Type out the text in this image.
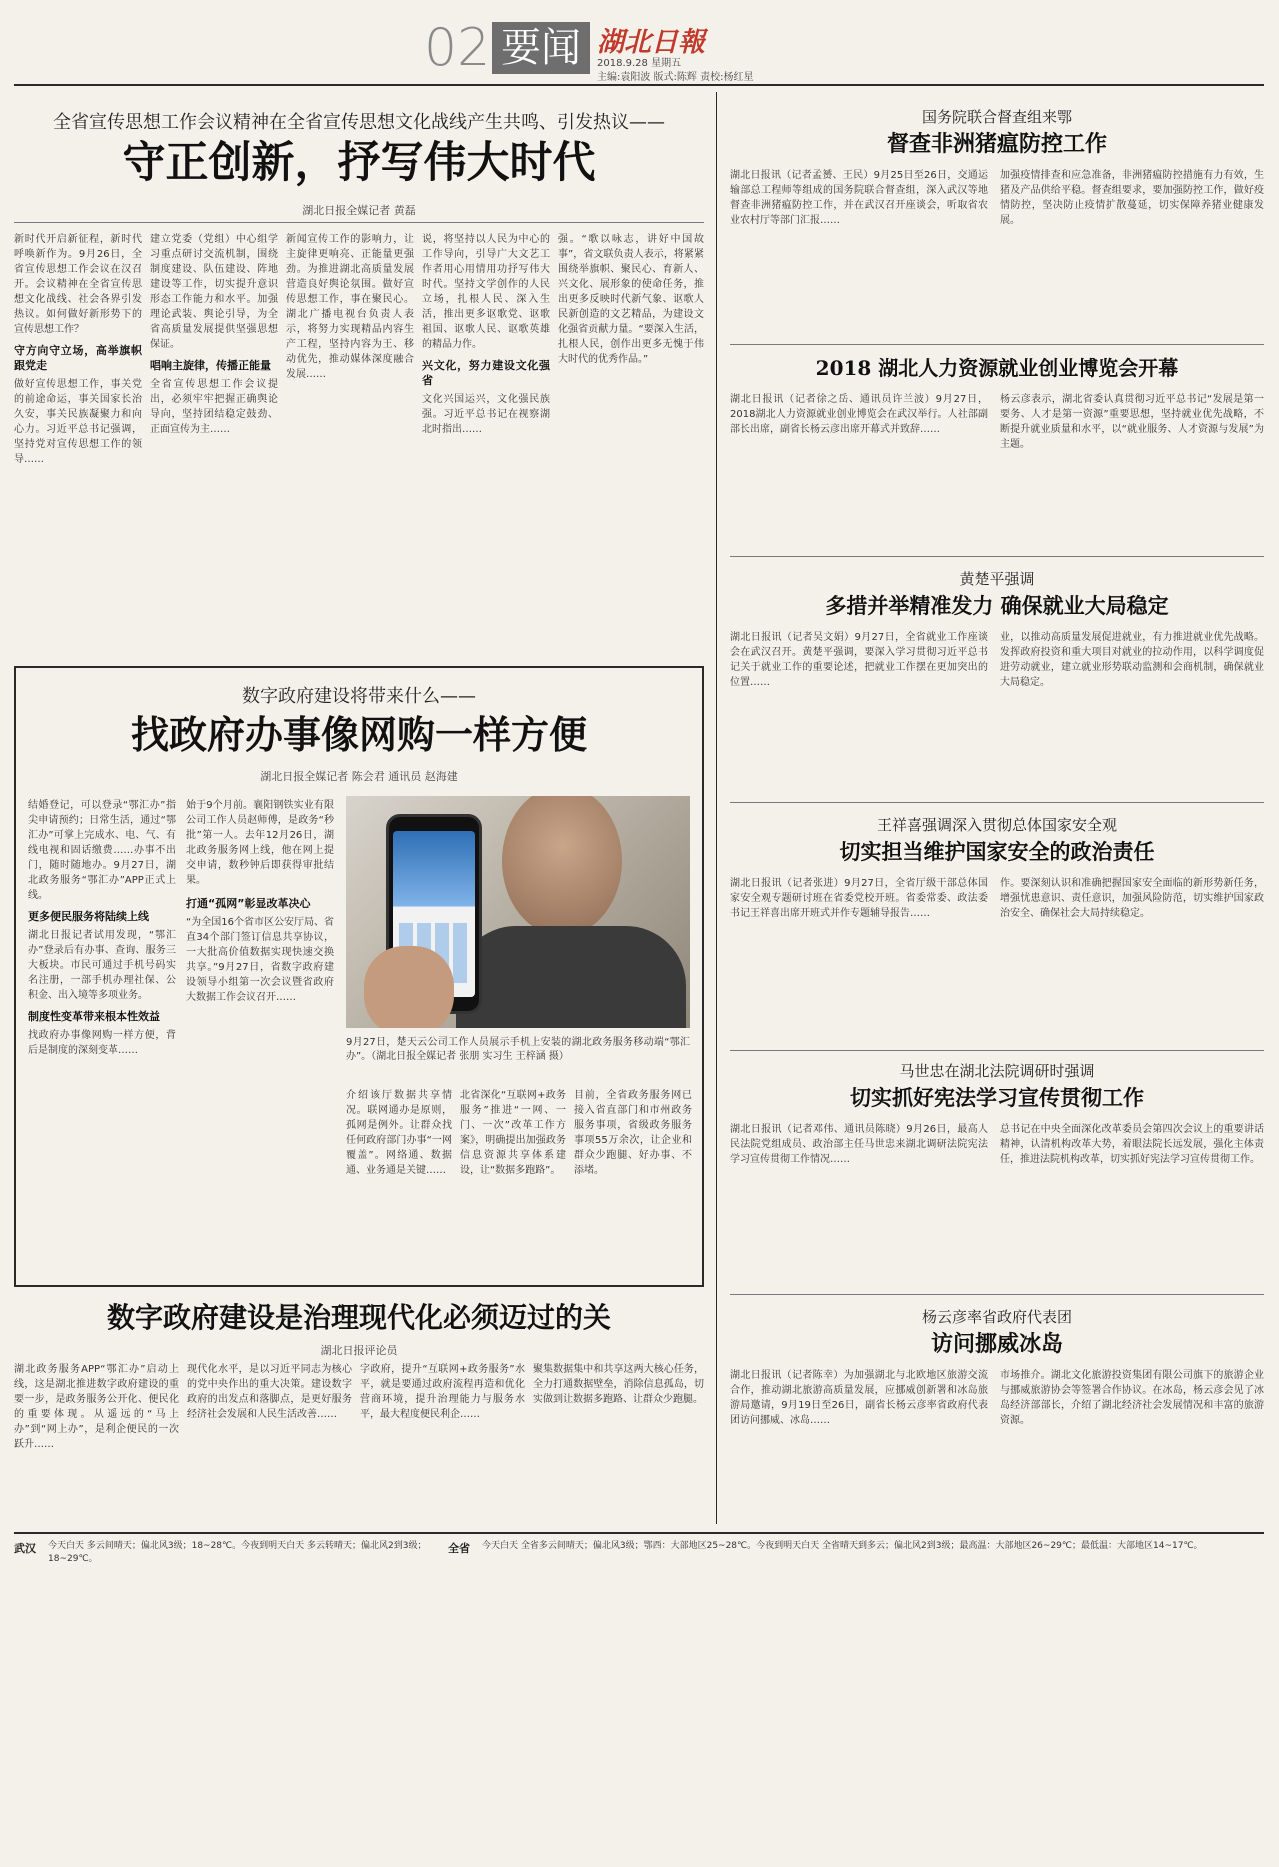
02 要闻 湖北日報
2018.9.28 星期五
主编:袁阳波 版式:陈辉 责校:杨红星
全省宣传思想工作会议精神在全省宣传思想文化战线产生共鸣、引发热议——
守正创新，抒写伟大时代
湖北日报全媒记者 黄磊
新时代开启新征程，新时代呼唤新作为。9月26日，全省宣传思想工作会议在汉召开。会议精神在全省宣传思想文化战线、社会各界引发热议。如何做好新形势下的宣传思想工作？
守方向守立场，高举旗帜跟党走
做好宣传思想工作，事关党的前途命运，事关国家长治久安，事关民族凝聚力和向心力。习近平总书记强调，坚持党对宣传思想工作的领导……
建立党委（党组）中心组学习重点研讨交流机制，围绕制度建设、队伍建设、阵地建设等工作，切实提升意识形态工作能力和水平。加强理论武装、舆论引导，为全省高质量发展提供坚强思想保证。
唱响主旋律，传播正能量
全省宣传思想工作会议提出，必须牢牢把握正确舆论导向，坚持团结稳定鼓劲、正面宣传为主……
新闻宣传工作的影响力，让主旋律更响亮、正能量更强劲。为推进湖北高质量发展营造良好舆论氛围。做好宣传思想工作，事在聚民心。湖北广播电视台负责人表示，将努力实现精品内容生产工程，坚持内容为王、移动优先，推动媒体深度融合发展……
说，将坚持以人民为中心的工作导向，引导广大文艺工作者用心用情用功抒写伟大时代。坚持文学创作的人民立场，扎根人民、深入生活，推出更多讴歌党、讴歌祖国、讴歌人民、讴歌英雄的精品力作。
兴文化，努力建设文化强省
文化兴国运兴，文化强民族强。习近平总书记在视察湖北时指出……
强。“歌以咏志，讲好中国故事”，省文联负责人表示，将紧紧围绕举旗帜、聚民心、育新人、兴文化、展形象的使命任务，推出更多反映时代新气象、讴歌人民新创造的文艺精品，为建设文化强省贡献力量。“要深入生活，扎根人民，创作出更多无愧于伟大时代的优秀作品。”
数字政府建设将带来什么——
找政府办事像网购一样方便
湖北日报全媒记者 陈会君 通讯员 赵海建
结婚登记，可以登录“鄂汇办”指尖申请预约；日常生活，通过“鄂汇办”可掌上完成水、电、气、有线电视和固话缴费……办事不出门，随时随地办。9月27日，湖北政务服务“鄂汇办”APP正式上线。
更多便民服务将陆续上线
湖北日报记者试用发现，“鄂汇办”登录后有办事、查询、服务三大板块。市民可通过手机号码实名注册，一部手机办理社保、公积金、出入境等多项业务。
制度性变革带来根本性效益
找政府办事像网购一样方便，背后是制度的深刻变革……
始于9个月前。襄阳钢铁实业有限公司工作人员赵师傅，是政务“秒批”第一人。去年12月26日，湖北政务服务网上线，他在网上提交申请，数秒钟后即获得审批结果。
打通“孤网”彰显改革决心
“为全国16个省市区公安厅局、省直34个部门签订信息共享协议，一大批高价值数据实现快速交换共享。”9月27日，省数字政府建设领导小组第一次会议暨省政府大数据工作会议召开……
9月27日，楚天云公司工作人员展示手机上安装的湖北政务服务移动端“鄂汇办”。（湖北日报全媒记者 张朋 实习生 王梓涵 摄）
介绍该厅数据共享情况。联网通办是原则，孤网是例外。让群众找任何政府部门办事“一网覆盖”。网络通、数据通、业务通是关键……
北省深化“互联网+政务服务”推进“一网、一门、一次”改革工作方案》，明确提出加强政务信息资源共享体系建设，让“数据多跑路”。
目前，全省政务服务网已接入省直部门和市州政务服务事项，省级政务服务事项55万余次，让企业和群众少跑腿、好办事、不添堵。
数字政府建设是治理现代化必须迈过的关
湖北日报评论员
湖北政务服务APP“鄂汇办”启动上线，这是湖北推进数字政府建设的重要一步，是政务服务公开化、便民化的重要体现。从遥远的“马上办”到“网上办”，是利企便民的一次跃升……
现代化水平，是以习近平同志为核心的党中央作出的重大决策。建设数字政府的出发点和落脚点，是更好服务经济社会发展和人民生活改善……
字政府，提升“互联网+政务服务”水平，就是要通过政府流程再造和优化营商环境，提升治理能力与服务水平，最大程度便民利企……
聚集数据集中和共享这两大核心任务，全力打通数据壁垒，消除信息孤岛，切实做到让数据多跑路、让群众少跑腿。
国务院联合督查组来鄂
督查非洲猪瘟防控工作
湖北日报讯（记者孟赟、王民）9月25日至26日，交通运输部总工程师等组成的国务院联合督查组，深入武汉等地督查非洲猪瘟防控工作，并在武汉召开座谈会，听取省农业农村厅等部门汇报……
加强疫情排查和应急准备，非洲猪瘟防控措施有力有效，生猪及产品供给平稳。督查组要求，要加强防控工作，做好疫情防控，坚决防止疫情扩散蔓延，切实保障养猪业健康发展。
2018 湖北人力资源就业创业博览会开幕
湖北日报讯（记者徐之岳、通讯员许兰波）9月27日，2018湖北人力资源就业创业博览会在武汉举行。人社部副部长出席，副省长杨云彦出席开幕式并致辞……
杨云彦表示，湖北省委认真贯彻习近平总书记“发展是第一要务、人才是第一资源”重要思想，坚持就业优先战略，不断提升就业质量和水平，以“就业服务、人才资源与发展”为主题。
黄楚平强调
多措并举精准发力 确保就业大局稳定
湖北日报讯（记者吴文娟）9月27日，全省就业工作座谈会在武汉召开。黄楚平强调，要深入学习贯彻习近平总书记关于就业工作的重要论述，把就业工作摆在更加突出的位置……
业，以推动高质量发展促进就业，有力推进就业优先战略。发挥政府投资和重大项目对就业的拉动作用，以科学调度促进劳动就业，建立就业形势联动监测和会商机制，确保就业大局稳定。
王祥喜强调深入贯彻总体国家安全观
切实担当维护国家安全的政治责任
湖北日报讯（记者张进）9月27日，全省厅级干部总体国家安全观专题研讨班在省委党校开班。省委常委、政法委书记王祥喜出席开班式并作专题辅导报告……
作。要深刻认识和准确把握国家安全面临的新形势新任务，增强忧患意识、责任意识，加强风险防范，切实维护国家政治安全、确保社会大局持续稳定。
马世忠在湖北法院调研时强调
切实抓好宪法学习宣传贯彻工作
湖北日报讯（记者邓伟、通讯员陈晓）9月26日，最高人民法院党组成员、政治部主任马世忠来湖北调研法院宪法学习宣传贯彻工作情况……
总书记在中央全面深化改革委员会第四次会议上的重要讲话精神，认清机构改革大势，着眼法院长远发展，强化主体责任，推进法院机构改革，切实抓好宪法学习宣传贯彻工作。
杨云彦率省政府代表团
访问挪威冰岛
湖北日报讯（记者陈幸）为加强湖北与北欧地区旅游交流合作，推动湖北旅游高质量发展，应挪威创新署和冰岛旅游局邀请，9月19日至26日，副省长杨云彦率省政府代表团访问挪威、冰岛……
市场推介。湖北文化旅游投资集团有限公司旗下的旅游企业与挪威旅游协会等签署合作协议。在冰岛，杨云彦会见了冰岛经济部部长，介绍了湖北经济社会发展情况和丰富的旅游资源。
武汉 今天白天 多云间晴天；偏北风3级；18~28℃。今夜到明天白天 多云转晴天；偏北风2到3级；18~29℃。
全省 今天白天 全省多云间晴天；偏北风3级；鄂西：大部地区25~28℃。今夜到明天白天 全省晴天到多云；偏北风2到3级；最高温：大部地区26~29℃；最低温：大部地区14~17℃。
